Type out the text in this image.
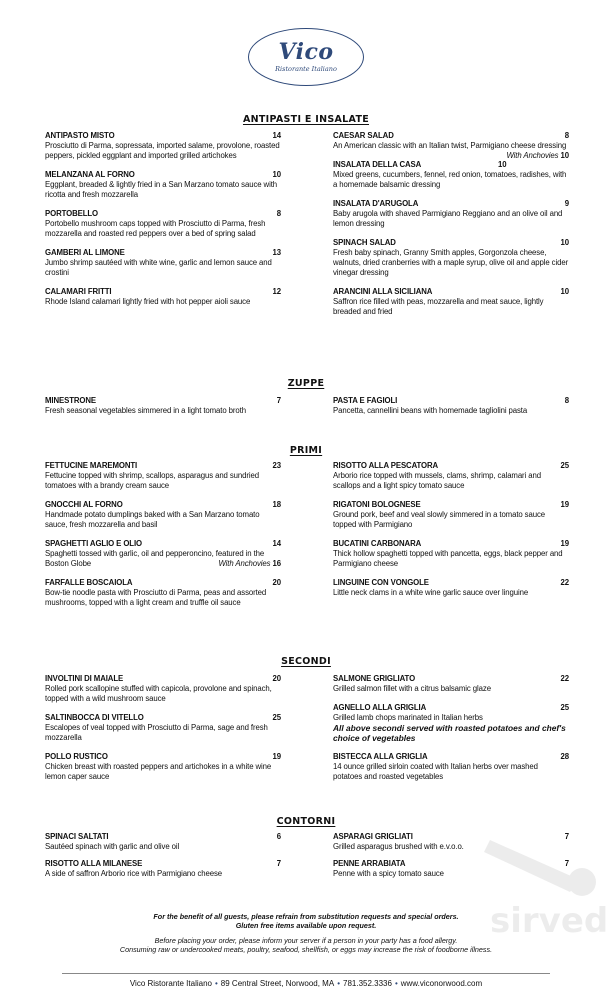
Vico
Ristorante Italiano
ANTIPASTI E INSALATE
ANTIPASTO MISTO	14
Prosciutto di Parma, sopressata, imported salame, provolone, roasted peppers, pickled eggplant and imported grilled artichokes
MELANZANA AL FORNO	10
Eggplant, breaded & lightly fried in a San Marzano tomato sauce with ricotta and fresh mozzarella
PORTOBELLO	8
Portobello mushroom caps topped with Prosciutto di Parma, fresh mozzarella and roasted red peppers over a bed of spring salad
GAMBERI AL LIMONE	13
Jumbo shrimp sautéed with white wine, garlic and lemon sauce and crostini
CALAMARI FRITTI	12
Rhode Island calamari lightly fried with hot pepper aioli sauce
CAESAR SALAD	8
An American classic with an Italian twist, Parmigiano cheese dressing
With Anchovies 10
INSALATA DELLA CASA	10
Mixed greens, cucumbers, fennel, red onion, tomatoes, radishes, with a homemade balsamic dressing
INSALATA D'ARUGOLA	9
Baby arugola with shaved Parmigiano Reggiano and an olive oil and lemon dressing
SPINACH SALAD	10
Fresh baby spinach, Granny Smith apples, Gorgonzola cheese, walnuts, dried cranberries with a maple syrup, olive oil and apple cider vinegar dressing
ARANCINI ALLA SICILIANA	10
Saffron rice filled with peas, mozzarella and meat sauce, lightly breaded and fried
ZUPPE
MINESTRONE	7
Fresh seasonal vegetables simmered in a light tomato broth
PASTA E FAGIOLI	8
Pancetta, cannellini beans with homemade tagliolini pasta
PRIMI
FETTUCINE MAREMONTI	23
Fettucine topped with shrimp, scallops, asparagus and sundried tomatoes with a brandy cream sauce
GNOCCHI AL FORNO	18
Handmade potato dumplings baked with a San Marzano tomato sauce, fresh mozzarella and basil
SPAGHETTI AGLIO E OLIO	14
Spaghetti tossed with garlic, oil and pepperoncino, featured in the Boston Globe	With Anchovies 16
FARFALLE BOSCAIOLA	20
Bow-tie noodle pasta with Prosciutto di Parma, peas and assorted mushrooms, topped with a light cream and truffle oil sauce
RISOTTO ALLA PESCATORA	25
Arborio rice topped with mussels, clams, shrimp, calamari and scallops and a light spicy tomato sauce
RIGATONI BOLOGNESE	19
Ground pork, beef and veal slowly simmered in a tomato sauce topped with Parmigiano
BUCATINI CARBONARA	19
Thick hollow spaghetti topped with pancetta, eggs, black pepper and Parmigiano cheese
LINGUINE CON VONGOLE	22
Little neck clams in a white wine garlic sauce over linguine
SECONDI
INVOLTINI DI MAIALE	20
Rolled pork scallopine stuffed with capicola, provolone and spinach, topped with a wild mushroom sauce
SALTINBOCCA DI VITELLO	25
Escalopes of veal topped with Prosciutto di Parma, sage and fresh mozzarella
POLLO RUSTICO	19
Chicken breast with roasted peppers and artichokes in a white wine lemon caper sauce
SALMONE GRIGLIATO	22
Grilled salmon fillet with a citrus balsamic glaze
AGNELLO ALLA GRIGLIA	25
Grilled lamb chops marinated in Italian herbs
All above secondi served with roasted potatoes and chef's choice of vegetables
BISTECCA ALLA GRIGLIA	28
14 ounce grilled sirloin coated with Italian herbs over mashed potatoes and roasted vegetables
CONTORNI
SPINACI SALTATI	6
Sautéed spinach with garlic and olive oil
RISOTTO ALLA MILANESE	7
A side of saffron Arborio rice with Parmigiano cheese
ASPARAGI GRIGLIATI	7
Grilled asparagus brushed with e.v.o.o.
PENNE ARRABIATA	7
Penne with a spicy tomato sauce
For the benefit of all guests, please refrain from substitution requests and special orders.
Gluten free items available upon request.
Before placing your order, please inform your server if a person in your party has a food allergy.
Consuming raw or undercooked meats, poultry, seafood, shellfish, or eggs may increase the risk of foodborne illness.
Vico Ristorante Italiano • 89 Central Street, Norwood, MA • 781.352.3336 • www.viconorwood.com
sirved
